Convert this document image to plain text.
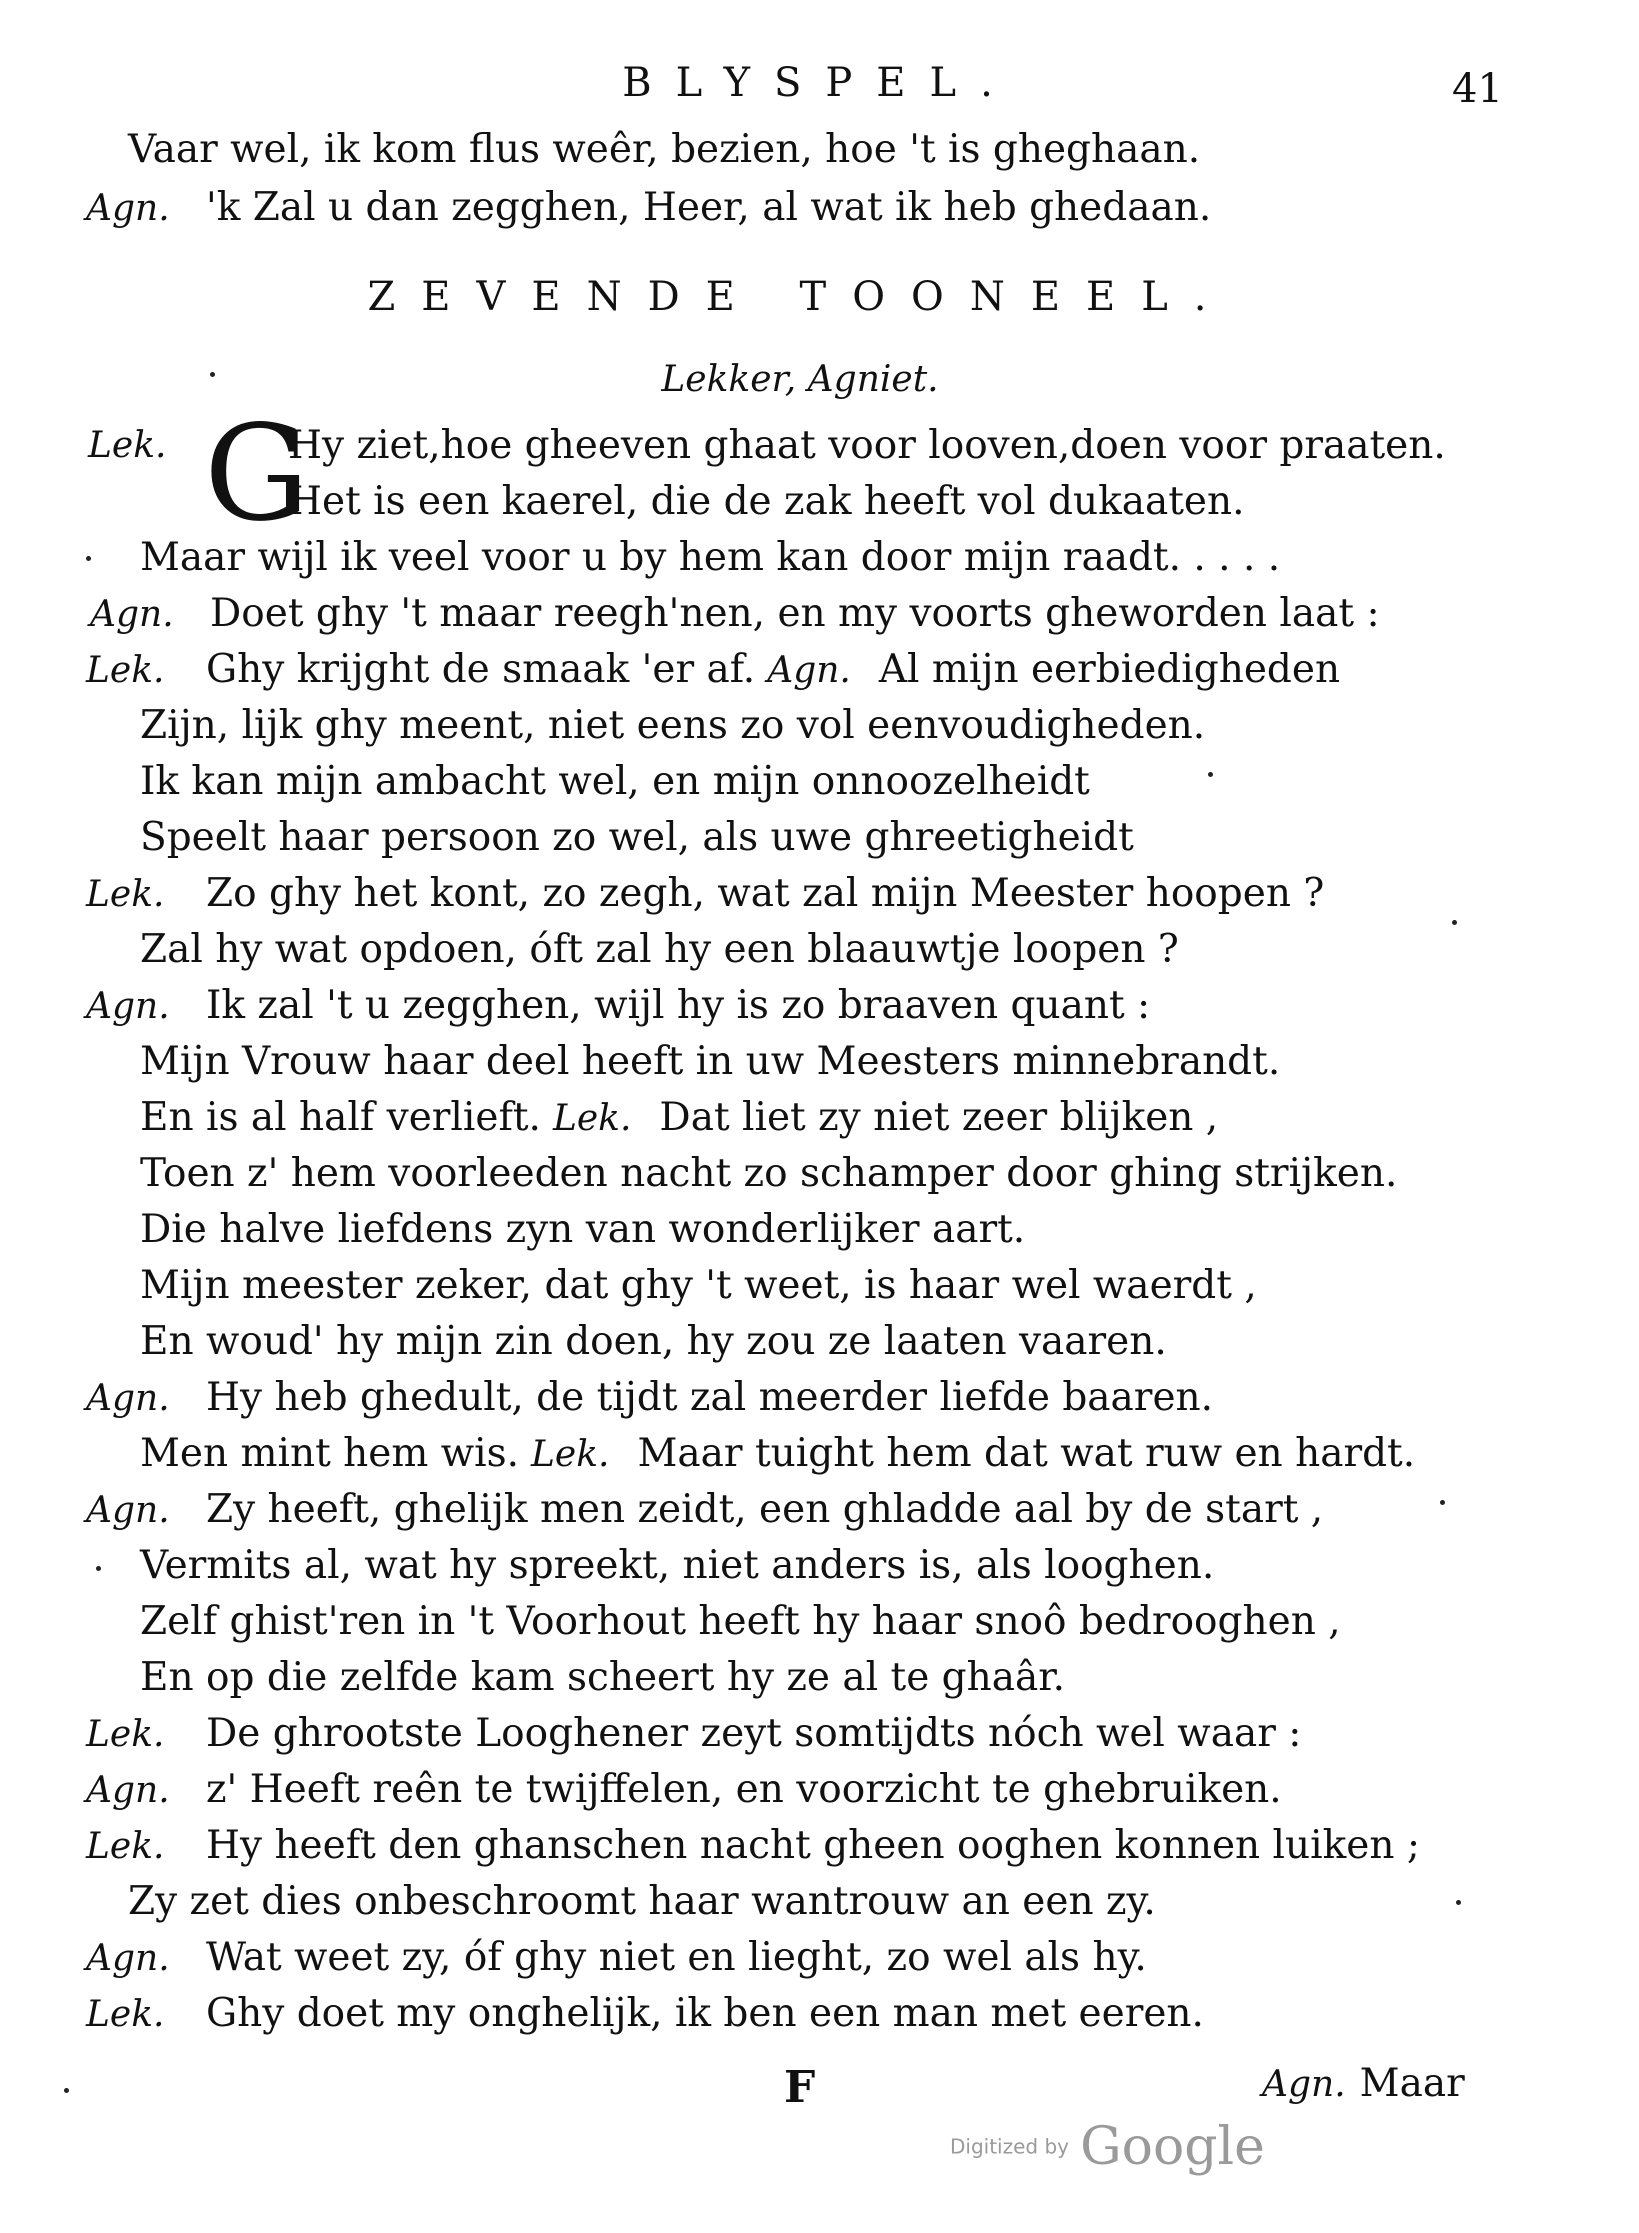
BLYSPEL.	41
Vaar wel, ik kom flus weêr, bezien, hoe 't is gheghaan.
Agn. 'k Zal u dan zegghen, Heer, al wat ik heb ghedaan.
ZEVENDE TOONEEL.
Lekker, Agniet.
Lek. G
Hy ziet,hoe gheeven ghaat voor looven,doen voor praaten.
Het is een kaerel, die de zak heeft vol dukaaten.
Maar wijl ik veel voor u by hem kan door mijn raadt. . . . .
Agn. Doet ghy 't maar reegh'nen, en my voorts gheworden laat :
Lek. Ghy krijght de smaak 'er af. Agn. Al mijn eerbiedigheden
Zijn, lijk ghy meent, niet eens zo vol eenvoudigheden.
Ik kan mijn ambacht wel, en mijn onnoozelheidt
Speelt haar persoon zo wel, als uwe ghreetigheidt
Lek. Zo ghy het kont, zo zegh, wat zal mijn Meester hoopen ?
Zal hy wat opdoen, óft zal hy een blaauwtje loopen ?
Agn. Ik zal 't u zegghen, wijl hy is zo braaven quant :
Mijn Vrouw haar deel heeft in uw Meesters minnebrandt.
En is al half verlieft. Lek. Dat liet zy niet zeer blijken ,
Toen z' hem voorleeden nacht zo schamper door ghing strijken.
Die halve liefdens zyn van wonderlijker aart.
Mijn meester zeker, dat ghy 't weet, is haar wel waerdt ,
En woud' hy mijn zin doen, hy zou ze laaten vaaren.
Agn. Hy heb ghedult, de tijdt zal meerder liefde baaren.
Men mint hem wis. Lek. Maar tuight hem dat wat ruw en hardt.
Agn. Zy heeft, ghelijk men zeidt, een ghladde aal by de start ,
Vermits al, wat hy spreekt, niet anders is, als looghen.
Zelf ghist'ren in 't Voorhout heeft hy haar snoô bedrooghen ,
En op die zelfde kam scheert hy ze al te ghaâr.
Lek. De ghrootste Looghener zeyt somtijdts nóch wel waar :
Agn. z' Heeft reên te twijffelen, en voorzicht te ghebruiken.
Lek. Hy heeft den ghanschen nacht gheen ooghen konnen luiken ;
Zy zet dies onbeschroomt haar wantrouw an een zy.
Agn. Wat weet zy, óf ghy niet en lieght, zo wel als hy.
Lek. Ghy doet my onghelijk, ik ben een man met eeren.
F	Agn. Maar
Digitized by Google
